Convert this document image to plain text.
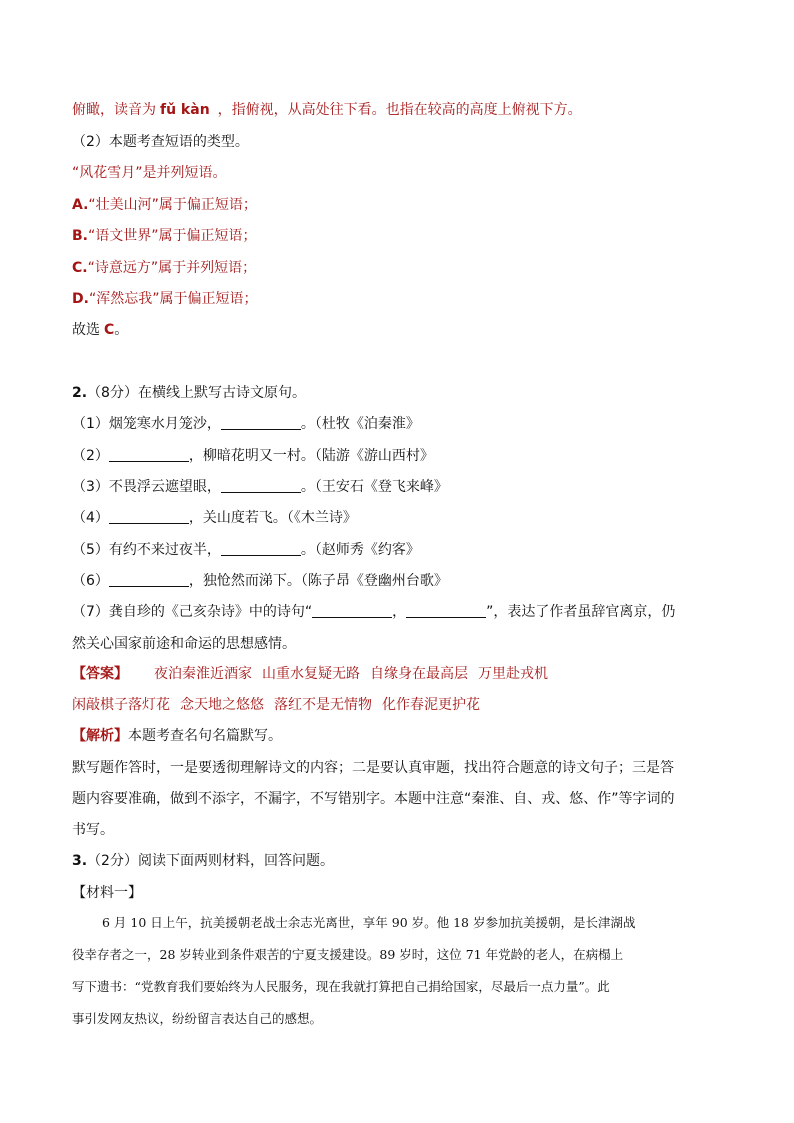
俯瞰，读音为 fǔ kàn ，指俯视，从高处往下看。也指在较高的高度上俯视下方。
（2）本题考查短语的类型。
“风花雪月”是并列短语。
A.“壮美山河”属于偏正短语；
B.“语文世界”属于偏正短语；
C.“诗意远方”属于并列短语；
D.“浑然忘我”属于偏正短语；
故选 C。
2.（8分）在横线上默写古诗文原句。
（1）烟笼寒水月笼沙，	。（杜牧《泊秦淮》
（2）	，柳暗花明又一村。（陆游《游山西村》
（3）不畏浮云遮望眼，	。（王安石《登飞来峰》
（4）	，关山度若飞。（《木兰诗》
（5）有约不来过夜半，	。（赵师秀《约客》
（6）	，独怆然而涕下。（陈子昂《登幽州台歌》
（7）龚自珍的《己亥杂诗》中的诗句“	，	”，表达了作者虽辞官离京，仍
然关心国家前途和命运的思想感情。
【答案】 夜泊秦淮近酒家 山重水复疑无路 自缘身在最高层 万里赴戎机
闲敲棋子落灯花 念天地之悠悠 落红不是无情物 化作春泥更护花
【解析】本题考查名句名篇默写。
默写题作答时，一是要透彻理解诗文的内容；二是要认真审题，找出符合题意的诗文句子；三是答
题内容要准确，做到不添字，不漏字，不写错别字。本题中注意“秦淮、自、戎、悠、作”等字词的
书写。
3.（2分）阅读下面两则材料，回答问题。
【材料一】
6 月 10 日上午，抗美援朝老战士余志光离世，享年 90 岁。他 18 岁参加抗美援朝，是长津湖战
役幸存者之一，28 岁转业到条件艰苦的宁夏支援建设。89 岁时，这位 71 年党龄的老人，在病榻上
写下遗书：“党教育我们要始终为人民服务，现在我就打算把自己捐给国家，尽最后一点力量”。此
事引发网友热议，纷纷留言表达自己的感想。
